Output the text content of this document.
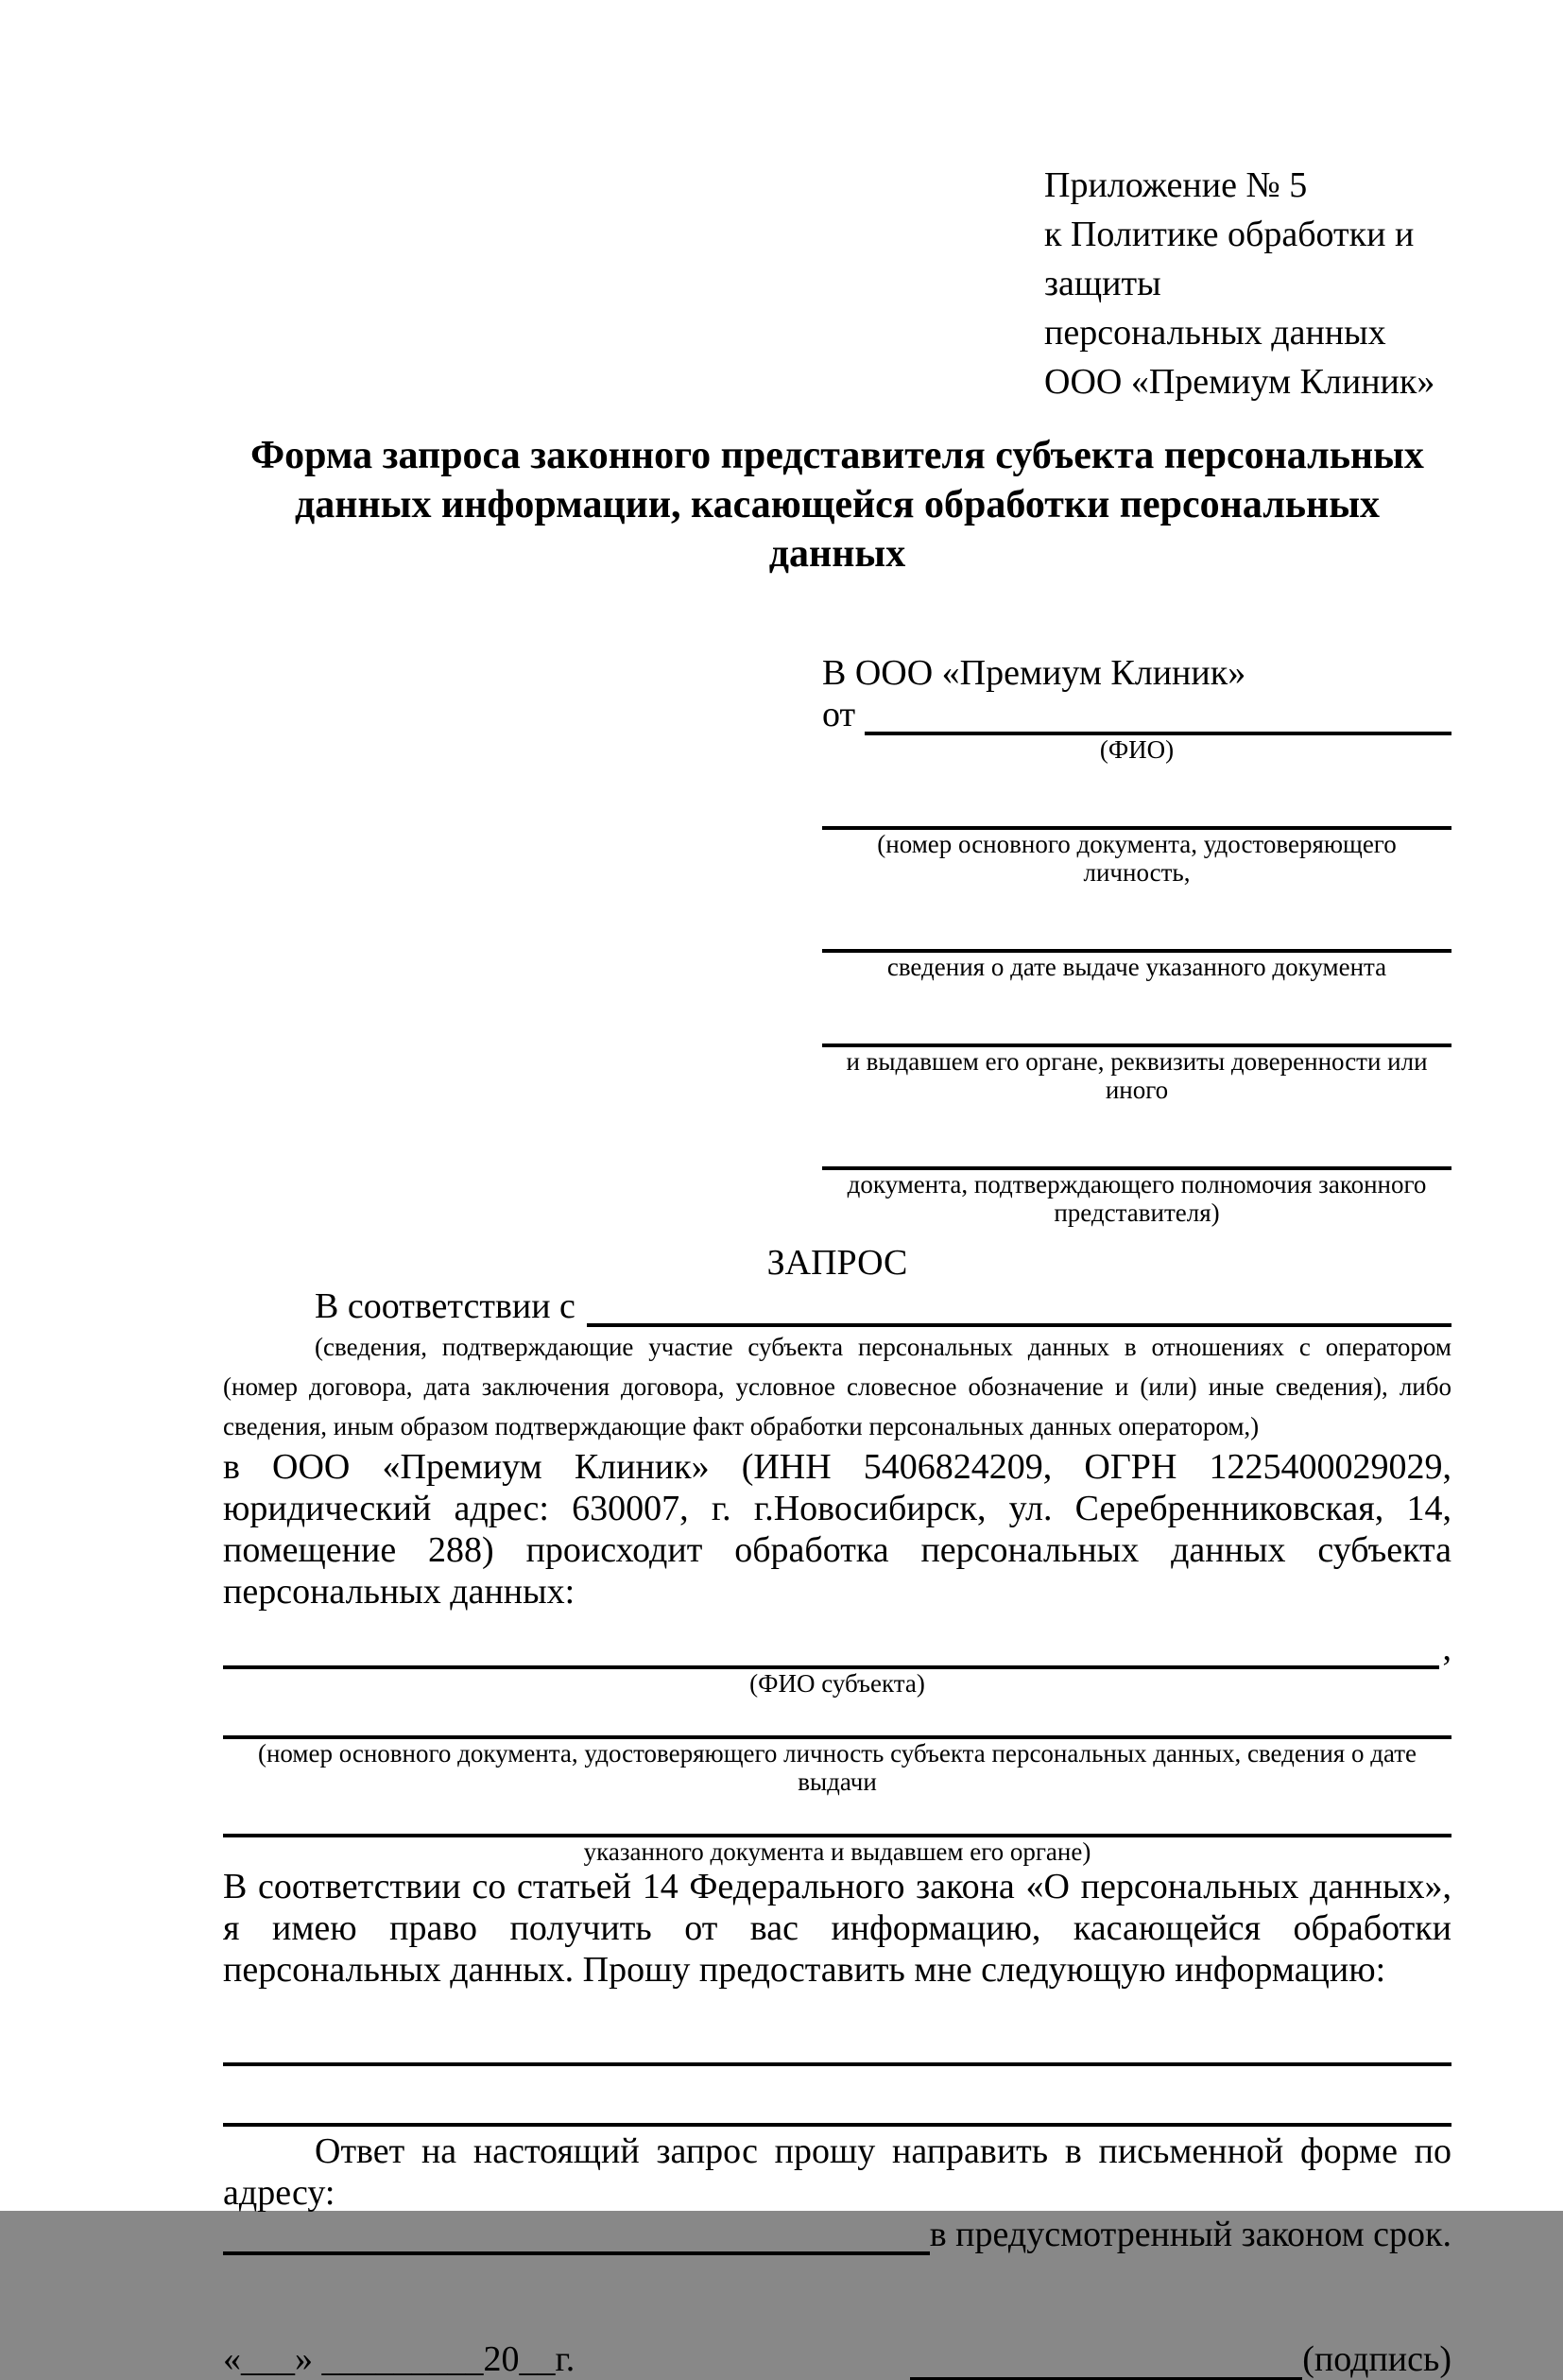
Приложение № 5
к Политике обработки и защиты
персональных данных
ООО «Премиум Клиник»
Форма запроса законного представителя субъекта персональных данных информации, касающейся обработки персональных данных
В ООО «Премиум Клиник»
от
(ФИО)
(номер основного документа, удостоверяющего личность,
сведения о дате выдаче указанного документа
и выдавшем его органе, реквизиты доверенности или иного
документа, подтверждающего полномочия законного представителя)
ЗАПРОС
В соответствии с
(сведения, подтверждающие участие субъекта персональных данных в отношениях с оператором (номер договора, дата заключения договора, условное словесное обозначение и (или) иные сведения), либо сведения, иным образом подтверждающие факт обработки персональных данных оператором,)
в ООО «Премиум Клиник» (ИНН 5406824209, ОГРН 1225400029029, юридический адрес: 630007, г. г.Новосибирск, ул. Серебренниковская, 14, помещение 288) происходит обработка персональных данных субъекта персональных данных:
,
(ФИО субъекта)
(номер основного документа, удостоверяющего личность субъекта персональных данных, сведения о дате выдачи
указанного документа и выдавшем его органе)
В соответствии со статьей 14 Федерального закона «О персональных данных», я имею право получить от вас информацию, касающейся обработки персональных данных. Прошу предоставить мне следующую информацию:
Ответ на настоящий запрос прошу направить в письменной форме по адресу:
в предусмотренный законом срок.
«___» _________20__г.	(подпись)
